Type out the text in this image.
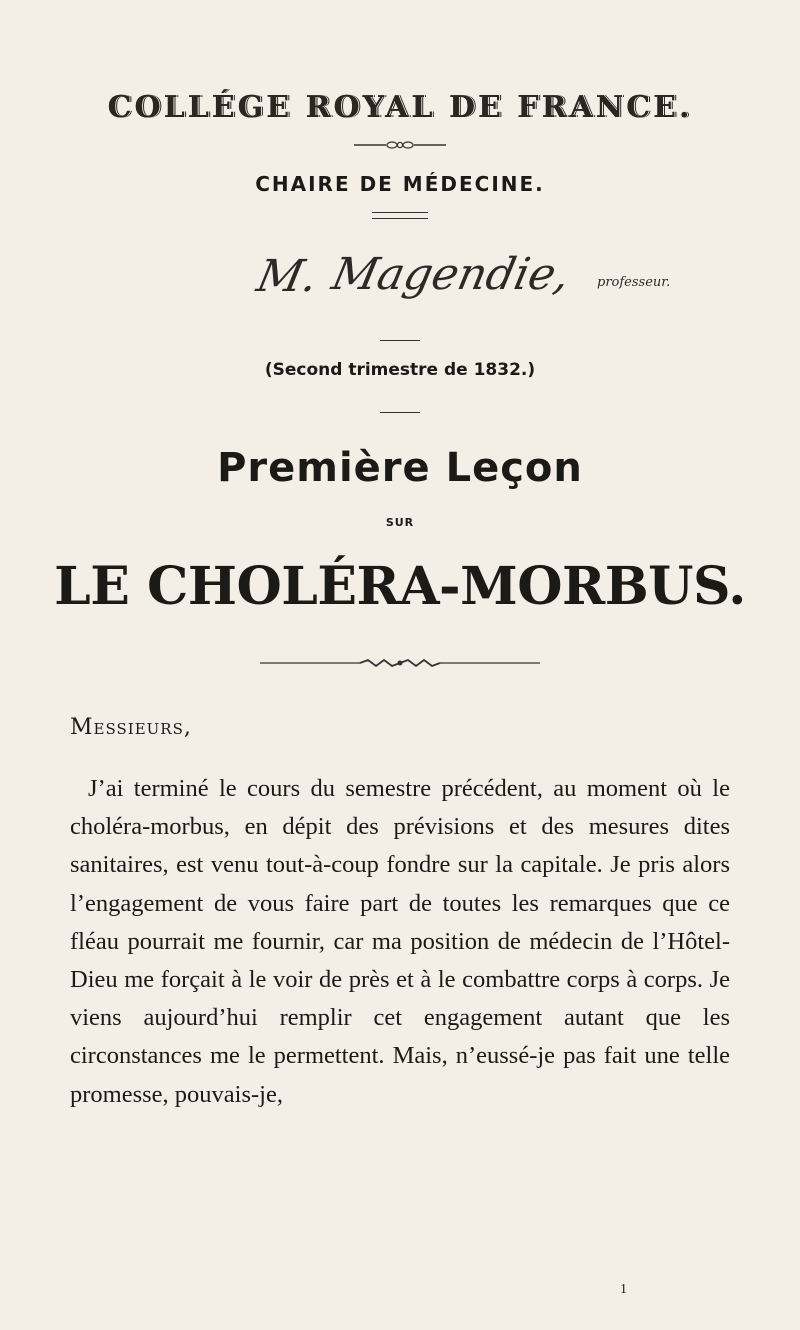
COLLÉGE ROYAL DE FRANCE.
CHAIRE DE MÉDECINE.
M. Magendie, professeur.
(Second trimestre de 1832.)
Première Leçon
SUR
LE CHOLÉRA-MORBUS.
Messieurs,
J’ai terminé le cours du semestre précédent, au moment où le choléra-morbus, en dépit des prévisions et des mesures dites sanitaires, est venu tout-à-coup fondre sur la capitale. Je pris alors l’engagement de vous faire part de toutes les remarques que ce fléau pourrait me fournir, car ma position de médecin de l’Hôtel-Dieu me forçait à le voir de près et à le combattre corps à corps. Je viens aujourd’hui remplir cet engagement autant que les circonstances me le permettent. Mais, n’eussé-je pas fait une telle promesse, pouvais-je,
1
